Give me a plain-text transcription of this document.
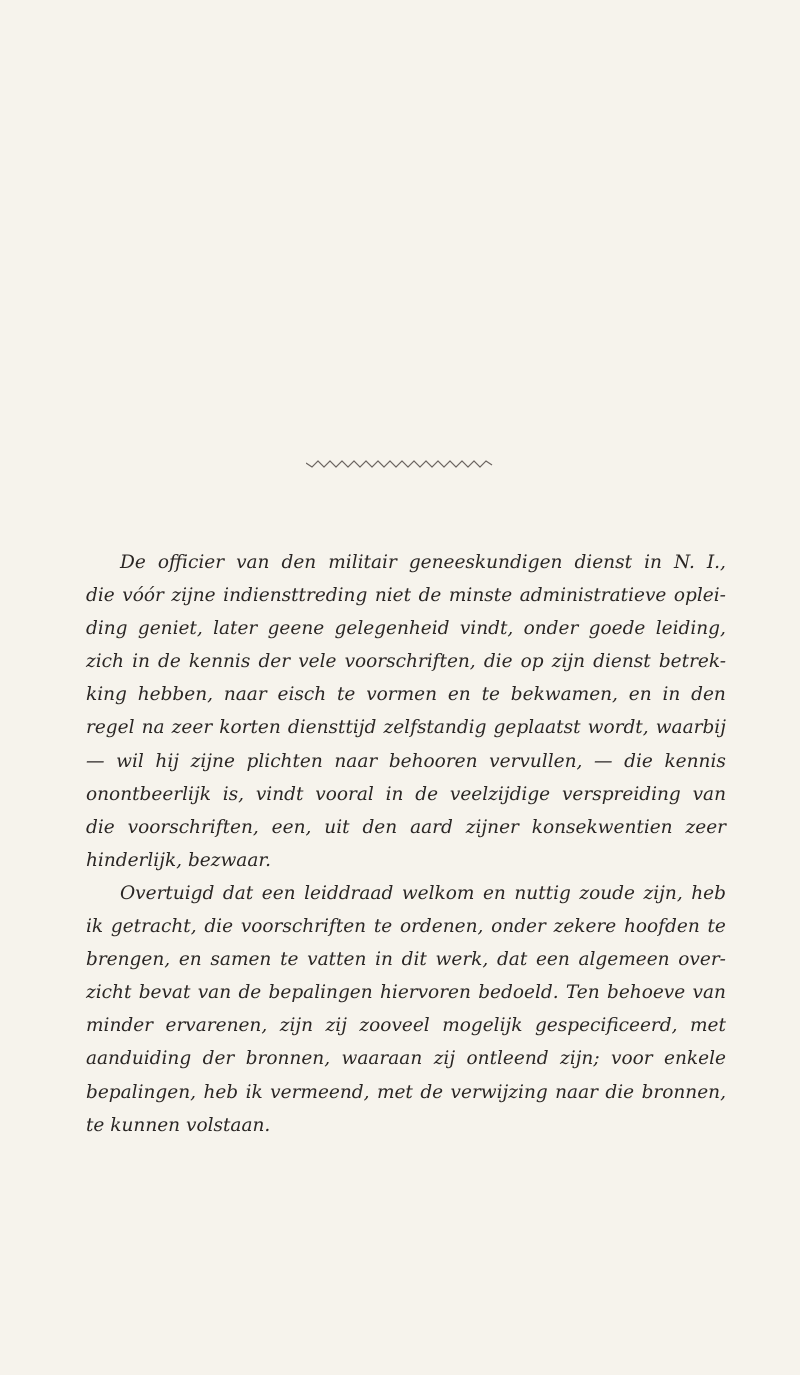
De officier van den militair geneeskundigen dienst in N. I.,
die vóór zijne indiensttreding niet de minste administratieve oplei-
ding geniet, later geene gelegenheid vindt, onder goede leiding,
zich in de kennis der vele voorschriften, die op zijn dienst betrek-
king hebben, naar eisch te vormen en te bekwamen, en in den
regel na zeer korten diensttijd zelfstandig geplaatst wordt, waarbij
— wil hij zijne plichten naar behooren vervullen, — die kennis
onontbeerlijk is, vindt vooral in de veelzijdige verspreiding van
die voorschriften, een, uit den aard zijner konsekwentien zeer
hinderlijk,
bezwaar.
Overtuigd dat een leiddraad welkom en nuttig zoude zijn, heb
ik getracht, die voorschriften te ordenen, onder zekere hoofden te
brengen, en samen te vatten in dit werk, dat een algemeen over-
zicht bevat van de bepalingen hiervoren bedoeld. Ten behoeve van
minder ervarenen, zijn zij zooveel mogelijk gespecificeerd, met
aanduiding der bronnen, waaraan zij ontleend zijn; voor enkele
bepalingen, heb ik vermeend, met de verwijzing naar die bronnen,
te
kunnen
volstaan.
